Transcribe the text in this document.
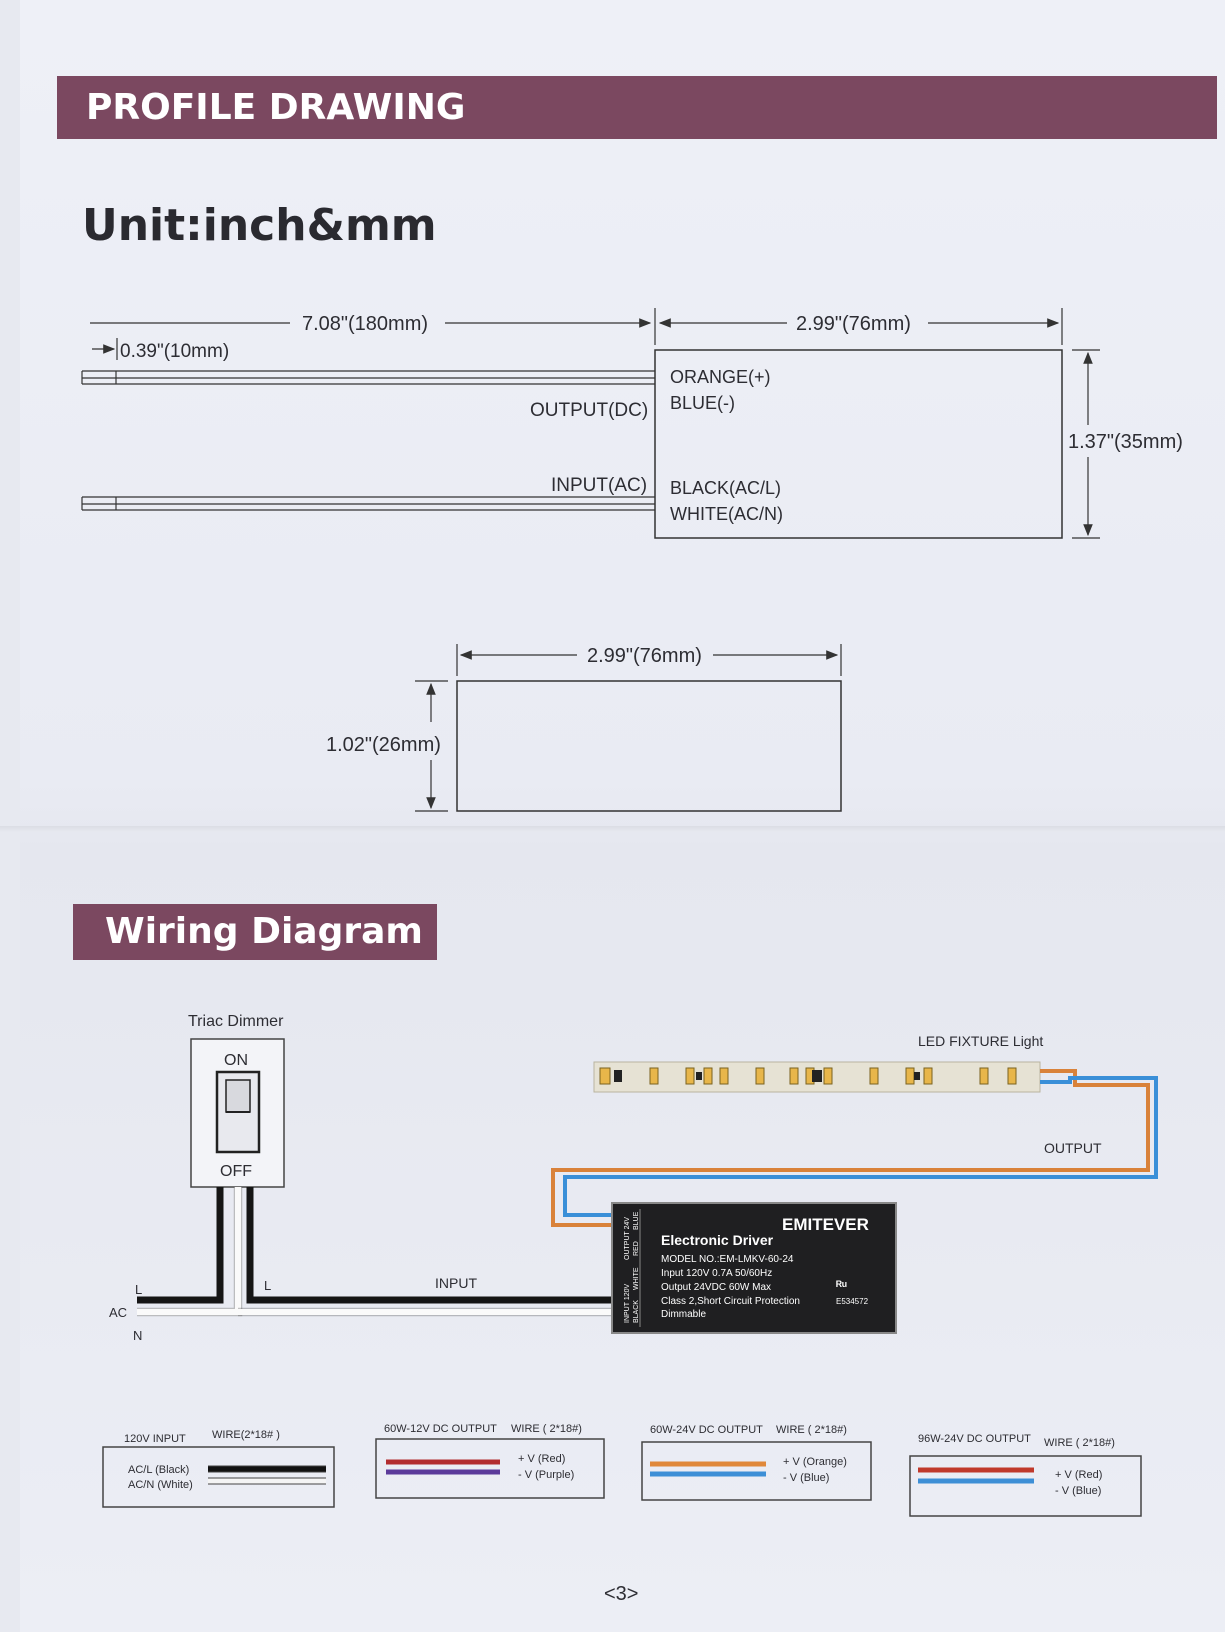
PROFILE DRAWING
Unit:inch&mm
7.08"(180mm)
0.39"(10mm)
2.99"(76mm)
1.37"(35mm)
OUTPUT(DC)
INPUT(AC)
ORANGE(+)
BLUE(-)
BLACK(AC/L)
WHITE(AC/N)
2.99"(76mm)
1.02"(26mm)
Triac Dimmer
ON
OFF
L
AC
N
L	INPUT
LED FIXTURE Light
OUTPUT
EMITEVER
Electronic Driver
MODEL NO.:EM-LMKV-60-24
Input 120V 0.7A 50/60Hz
Output 24VDC 60W Max
Class 2,Short Circuit Protection
Dimmable
ᴿᵘ
E534572
INPUT 120V
OUTPUT 24V
BLACK
WHITE
RED
BLUE
120V INPUT WIRE(2*18# )
AC/L (Black)
AC/N (White)
60W-12V DC OUTPUT WIRE ( 2*18#)
+ V (Red)
- V (Purple)
60W-24V DC OUTPUT WIRE ( 2*18#)
+ V (Orange)
- V (Blue)
96W-24V DC OUTPUT WIRE ( 2*18#)
+ V (Red)
- V (Blue)
Wiring Diagram
<3>
